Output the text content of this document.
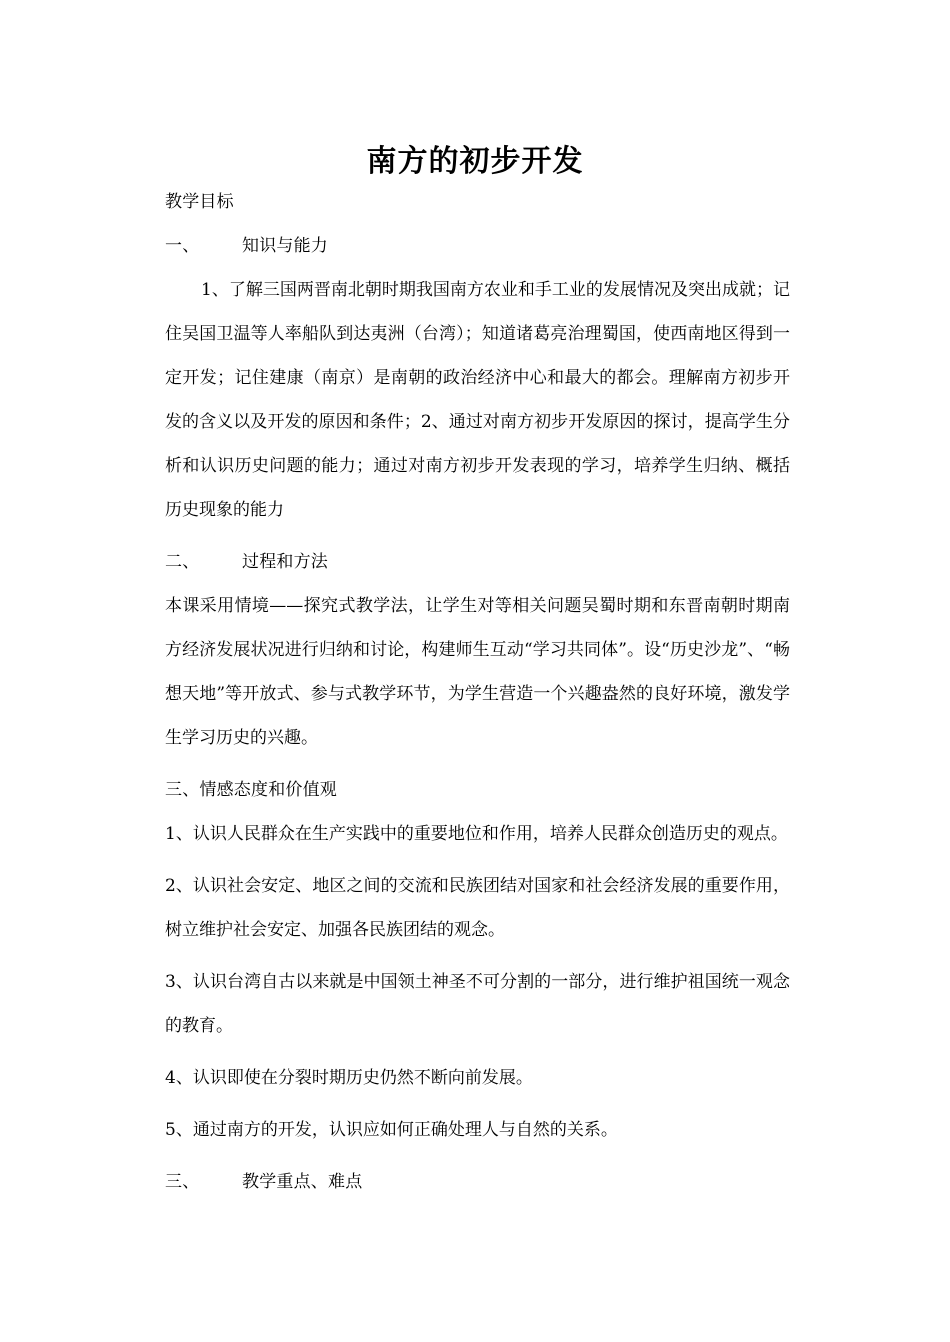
南方的初步开发
教学目标
一、	知识与能力
1、了解三国两晋南北朝时期我国南方农业和手工业的发展情况及突出成就；记住吴国卫温等人率船队到达夷洲（台湾）；知道诸葛亮治理蜀国，使西南地区得到一定开发；记住建康（南京）是南朝的政治经济中心和最大的都会。理解南方初步开发的含义以及开发的原因和条件；2、通过对南方初步开发原因的探讨，提高学生分析和认识历史问题的能力；通过对南方初步开发表现的学习，培养学生归纳、概括历史现象的能力
二、	过程和方法
本课采用情境——探究式教学法，让学生对等相关问题吴蜀时期和东晋南朝时期南方经济发展状况进行归纳和讨论，构建师生互动“学习共同体”。设“历史沙龙”、“畅想天地”等开放式、参与式教学环节，为学生营造一个兴趣盎然的良好环境，激发学生学习历史的兴趣。
三、情感态度和价值观
1、认识人民群众在生产实践中的重要地位和作用，培养人民群众创造历史的观点。
2、认识社会安定、地区之间的交流和民族团结对国家和社会经济发展的重要作用，树立维护社会安定、加强各民族团结的观念。
3、认识台湾自古以来就是中国领土神圣不可分割的一部分，进行维护祖国统一观念的教育。
4、认识即使在分裂时期历史仍然不断向前发展。
5、通过南方的开发，认识应如何正确处理人与自然的关系。
三、	教学重点、难点
